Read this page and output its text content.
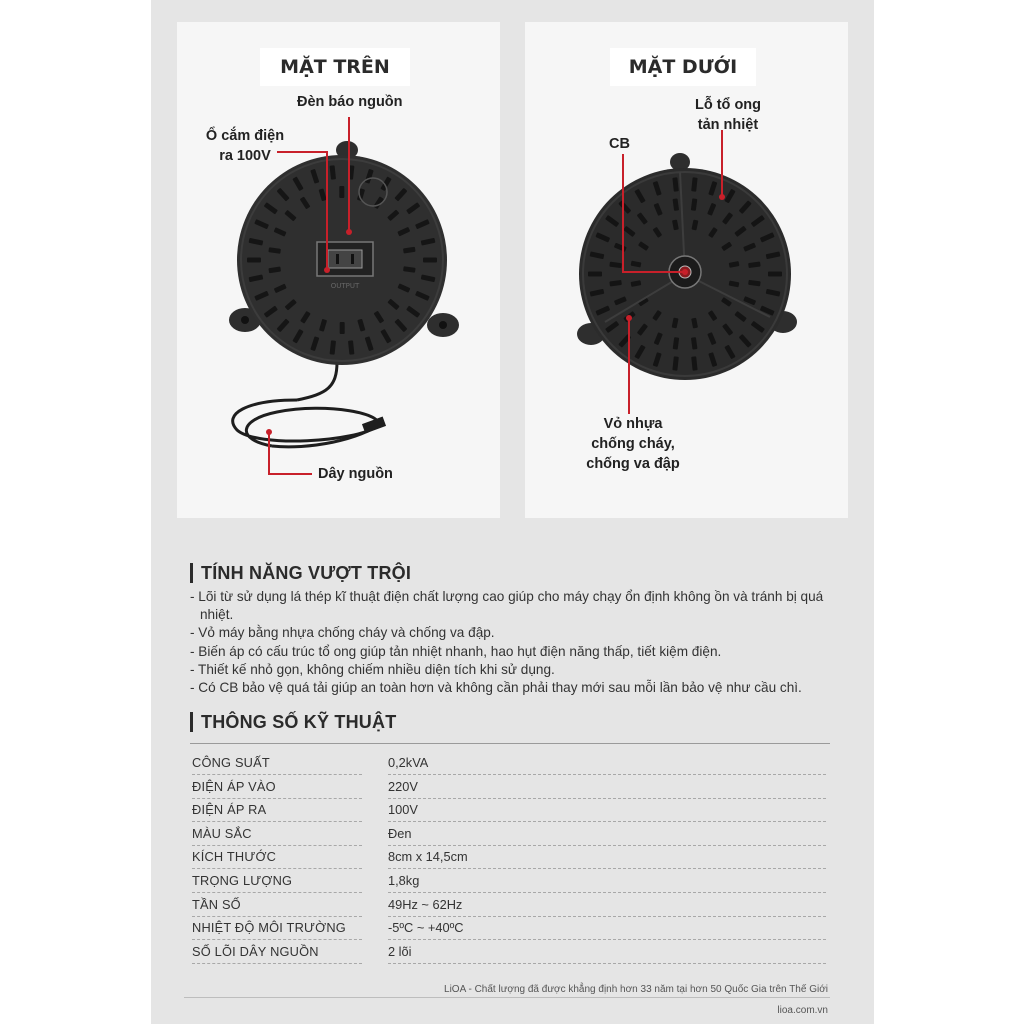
MẶT TRÊN
OUTPUT
Đèn báo nguồn
Ổ cắm điện
ra 100V
Dây nguồn
MẶT DƯỚI
Lỗ tổ ong
tản nhiệt
CB
Vỏ nhựa
chống cháy,
chống va đập
TÍNH NĂNG VƯỢT TRỘI
- Lõi từ sử dụng lá thép kĩ thuật điện chất lượng cao giúp cho máy chạy ổn định không ồn và tránh bị quá nhiệt.
- Vỏ máy bằng nhựa chống cháy và chống va đập.
- Biến áp có cấu trúc tổ ong giúp tản nhiệt nhanh, hao hụt điện năng thấp, tiết kiệm điện.
- Thiết kế nhỏ gọn, không chiếm nhiều diện tích khi sử dụng.
- Có CB bảo vệ quá tải giúp an toàn hơn và không cần phải thay mới sau mỗi lần bảo vệ như cầu chì.
THÔNG SỐ KỸ THUẬT
CÔNG SUẤT	0,2kVA
ĐIỆN ÁP VÀO	220V
ĐIỆN ÁP RA	100V
MÀU SẮC	Đen
KÍCH THƯỚC	8cm x 14,5cm
TRỌNG LƯỢNG	1,8kg
TẦN SỐ	49Hz ~ 62Hz
NHIỆT ĐỘ MÔI TRƯỜNG	-5ºC ~ +40ºC
SỐ LÕI DÂY NGUỒN	2 lõi
LiOA - Chất lượng đã được khẳng định hơn 33 năm tại hơn 50 Quốc Gia trên Thế Giới
lioa.com.vn
